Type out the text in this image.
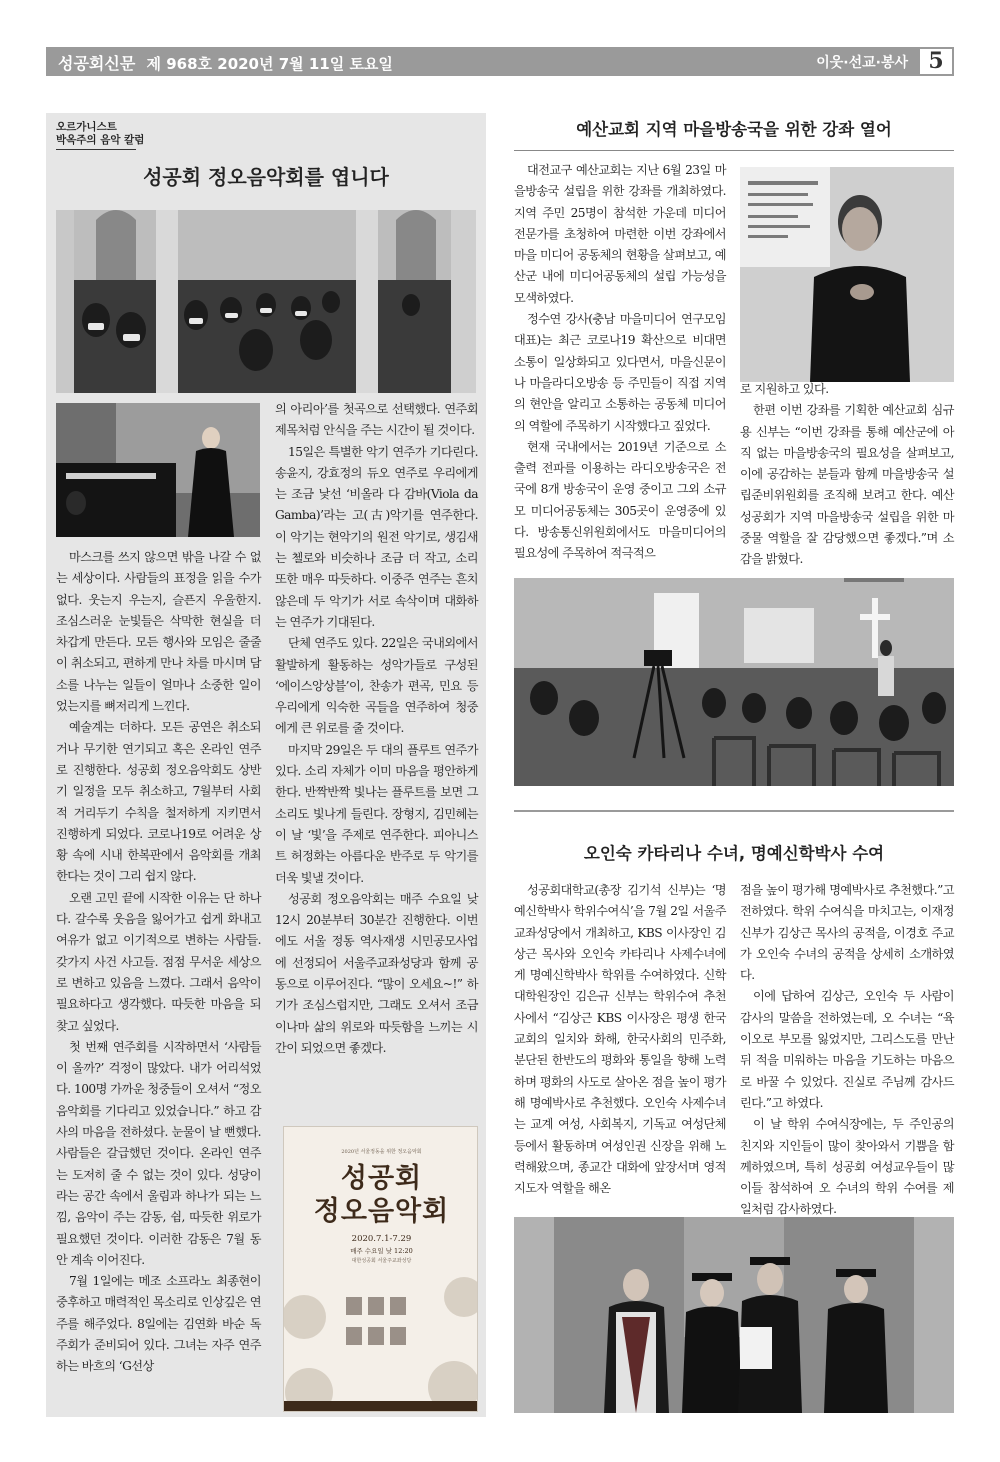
성공회신문 제 968호 2020년 7월 11일 토요일	이웃·선교·봉사 5
오르가니스트
박옥주의 음악 칼럼
성공회 정오음악회를 엽니다

마스크를 쓰지 않으면 밖을 나갈 수 없는 세상이다. 사람들의 표정을 읽을 수가 없다. 웃는지 우는지, 슬픈지 우울한지. 조심스러운 눈빛들은 삭막한 현실을 더 차갑게 만든다. 모든 행사와 모임은 줄줄이 취소되고, 편하게 만나 차를 마시며 담소를 나누는 일들이 얼마나 소중한 일이었는지를 뼈저리게 느낀다.

예술계는 더하다. 모든 공연은 취소되거나 무기한 연기되고 혹은 온라인 연주로 진행한다. 성공회 정오음악회도 상반기 일정을 모두 취소하고, 7월부터 사회적 거리두기 수칙을 철저하게 지키면서 진행하게 되었다. 코로나19로 어려운 상황 속에 시내 한복판에서 음악회를 개최한다는 것이 그리 쉽지 않다.

오랜 고민 끝에 시작한 이유는 단 하나다. 갈수록 웃음을 잃어가고 쉽게 화내고 여유가 없고 이기적으로 변하는 사람들. 갖가지 사건 사고들. 점점 무서운 세상으로 변하고 있음을 느꼈다. 그래서 음악이 필요하다고 생각했다. 따듯한 마음을 되찾고 싶었다.

첫 번째 연주회를 시작하면서 ‘사람들이 올까?’ 걱정이 많았다. 내가 어리석었다. 100명 가까운 청중들이 오셔서 “정오음악회를 기다리고 있었습니다.” 하고 감사의 마음을 전하셨다. 눈물이 날 뻔했다. 사람들은 갈급했던 것이다. 온라인 연주는 도저히 줄 수 없는 것이 있다. 성당이라는 공간 속에서 울림과 하나가 되는 느낌, 음악이 주는 감동, 쉼, 따듯한 위로가 필요했던 것이다. 이러한 감동은 7월 동안 계속 이어진다.

7월 1일에는 메조 소프라노 최종현이 중후하고 매력적인 목소리로 인상깊은 연주를 해주었다. 8일에는 김연화 바순 독주회가 준비되어 있다. 그녀는 자주 연주하는 바흐의 ‘G선상

의 아리아’를 첫곡으로 선택했다. 연주회 제목처럼 안식을 주는 시간이 될 것이다.

15일은 특별한 악기 연주가 기다린다. 송윤지, 강효정의 듀오 연주로 우리에게는 조금 낯선 ‘비올라 다 감바(Viola da Gamba)’라는 고(古)악기를 연주한다. 이 악기는 현악기의 원전 악기로, 생김새는 첼로와 비슷하나 조금 더 작고, 소리 또한 매우 따듯하다. 이중주 연주는 흔치 않은데 두 악기가 서로 속삭이며 대화하는 연주가 기대된다.

단체 연주도 있다. 22일은 국내외에서 활발하게 활동하는 성악가들로 구성된 ‘에이스앙상블’이, 찬송가 편곡, 민요 등 우리에게 익숙한 곡들을 연주하여 청중에게 큰 위로를 줄 것이다.

마지막 29일은 두 대의 플루트 연주가 있다. 소리 자체가 이미 마음을 평안하게 한다. 반짝반짝 빛나는 플루트를 보면 그 소리도 빛나게 들린다. 장형지, 김민혜는 이 날 ‘빛’을 주제로 연주한다. 피아니스트 허정화는 아름다운 반주로 두 악기를 더욱 빛낼 것이다.

성공회 정오음악회는 매주 수요일 낮 12시 20분부터 30분간 진행한다. 이번에도 서울 정동 역사재생 시민공모사업에 선정되어 서울주교좌성당과 함께 공동으로 이루어진다. “많이 오세요~!” 하기가 조심스럽지만, 그래도 오셔서 조금이나마 삶의 위로와 따듯함을 느끼는 시간이 되었으면 좋겠다.

2020년 서울정동을 위한 정오음악회
성공회
정오음악회
2020.7.1-7.29
매주 수요일 낮 12:20
대한성공회 서울주교좌성당
예산교회 지역 마을방송국을 위한 강좌 열어

대전교구 예산교회는 지난 6월 23일 마을방송국 설립을 위한 강좌를 개최하였다. 지역 주민 25명이 참석한 가운데 미디어 전문가를 초청하여 마련한 이번 강좌에서 마을 미디어 공동체의 현황을 살펴보고, 예산군 내에 미디어공동체의 설립 가능성을 모색하였다.

정수연 강사(충남 마을미디어 연구모임 대표)는 최근 코로나19 확산으로 비대면 소통이 일상화되고 있다면서, 마을신문이나 마을라디오방송 등 주민들이 직접 지역의 현안을 알리고 소통하는 공동체 미디어의 역할에 주목하기 시작했다고 짚었다.

현재 국내에서는 2019년 기준으로 소출력 전파를 이용하는 라디오방송국은 전국에 8개 방송국이 운영 중이고 그외 소규모 미디어공동체는 305곳이 운영중에 있다. 방송통신위원회에서도 마을미디어의 필요성에 주목하여 적극적으

로 지원하고 있다.

한편 이번 강좌를 기획한 예산교회 심규용 신부는 “이번 강좌를 통해 예산군에 아직 없는 마을방송국의 필요성을 살펴보고, 이에 공감하는 분들과 함께 마을방송국 설립준비위원회를 조직해 보려고 한다. 예산 성공회가 지역 마을방송국 설립을 위한 마중물 역할을 잘 감당했으면 좋겠다.”며 소감을 밝혔다.

오인숙 카타리나 수녀, 명예신학박사 수여

성공회대학교(총장 김기석 신부)는 ‘명예신학박사 학위수여식’을 7월 2일 서울주교좌성당에서 개최하고, KBS 이사장인 김상근 목사와 오인숙 카타리나 사제수녀에게 명예신학박사 학위를 수여하였다. 신학대학원장인 김은규 신부는 학위수여 추천사에서 “김상근 KBS 이사장은 평생 한국교회의 일치와 화해, 한국사회의 민주화, 분단된 한반도의 평화와 통일을 향해 노력하며 평화의 사도로 살아온 점을 높이 평가해 명예박사로 추천했다. 오인숙 사제수녀는 교계 여성, 사회복지, 기독교 여성단체 등에서 활동하며 여성인권 신장을 위해 노력해왔으며, 종교간 대화에 앞장서며 영적 지도자 역할을 해온

점을 높이 평가해 명예박사로 추천했다.”고 전하였다. 학위 수여식을 마치고는, 이재정 신부가 김상근 목사의 공적을, 이경호 주교가 오인숙 수녀의 공적을 상세히 소개하였다.

이에 답하여 김상근, 오인숙 두 사람이 감사의 말씀을 전하였는데, 오 수녀는 “육이오로 부모를 잃었지만, 그리스도를 만난 뒤 적을 미워하는 마음을 기도하는 마음으로 바꿀 수 있었다. 진실로 주님께 감사드린다.”고 하였다.

이 날 학위 수여식장에는, 두 주인공의 친지와 지인들이 많이 찾아와서 기쁨을 함께하였으며, 특히 성공회 여성교우들이 많이들 참석하여 오 수녀의 학위 수여를 제 일처럼 감사하였다.
